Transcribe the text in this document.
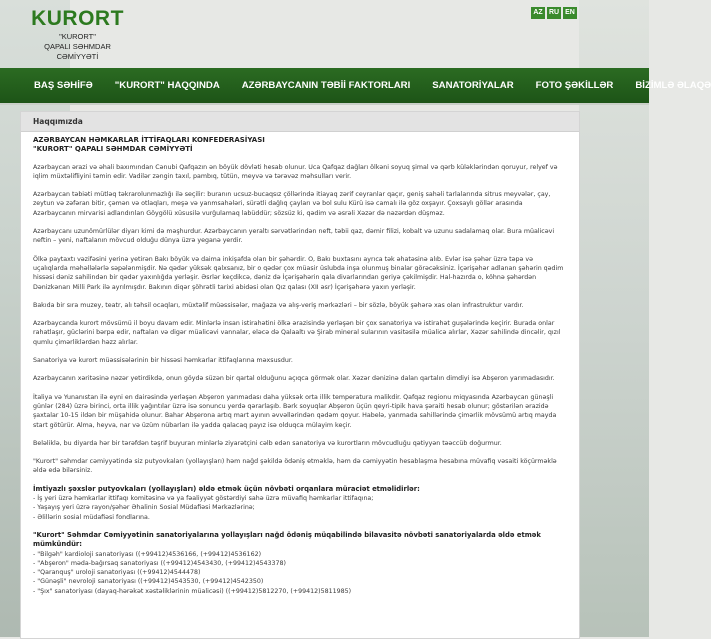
KURORT
"KURORT"
QAPALI SƏHMDAR CƏMİYYƏTİ
AZ RU EN
BAŞ SƏHİFƏ "KURORT" HAQQINDA AZƏRBAYCANIN TƏBİİ FAKTORLARI SANATORİYALAR FOTO ŞƏKİLLƏR BİZİMLƏ ƏLAQƏ
Haqqımızda
AZƏRBAYCAN HƏMKARLAR İTTİFAQLARI KONFEDERASİYASI
"KURORT" QAPALI SƏHMDAR CƏMİYYƏTİ

Azərbaycan ərazi və əhali baxımından Cənubi Qafqazın ən böyük dövləti hesab olunur. Uca Qafqaz dağları ölkəni soyuq şimal və qərb küləklərindən qoruyur, relyef və iqlim müxtəlifliyini təmin edir. Vadilər zəngin taxıl, pambıq, tütün, meyvə və tərəvəz məhsulları verir.

Azərbaycan təbiəti mütləq təkrarolunmazlığı ilə seçilir: buranın ucsuz-bucaqsız çöllərində itiayaq zərif ceyranlar qaçır, geniş sahəli tarlalarında sitrus meyvələr, çay, zeytun və zəfəran bitir, çəmən və otlaqları, meşə və yanmsahələri, sürətli dağlıq çayları və bol sulu Kürü isə camalı ilə göz oxşayır. Çoxsaylı göllər arasında Azərbaycanın mirvarisi adlandırılan Göygölü xüsusilə vurğulamaq labüddür; sözsüz ki, qədim və əsrəli Xəzər də nəzərdən düşməz.

Azərbaycanı uzunömürlülər diyarı kimi də məşhurdur. Azərbaycanın yeraltı sərvətlərindən neft, təbii qaz, dəmir filizi, kobalt və uzunu sadalamaq olar. Bura müalicəvi neftin – yeni, naftalanın mövcud olduğu dünya üzrə yeganə yerdir.

Ölkə paytaxtı vəzifəsini yerinə yetirən Bakı böyük və daima inkişafda olan bir şəhərdir. O, Bakı buxtasını ayrıca tək əhatəsinə alıb. Evlər isə şəhər üzrə təpə və uçalıqlarda məhəllələrlə səpələnmişdir. Nə qədər yüksək qalxsanız, bir o qədər çox müasir üslubda inşa olunmuş binalar görəcəksiniz. İçərişəhər adlanan şəhərin qədim hissəsi dəniz sahilindən bir qədər yaxınlığda yerləşir. Əsrlər keçdikcə, dəniz də İçərişəhərin qala divarlarından geriyə çəkilmişdir. Hal-hazırda o, köhnə şəhərdən Dənizkənarı Milli Park ilə ayrılmışdır. Bakının diqər şöhrətli tarixi abidəsi olan Qız qalası (XII əsr) İçərişəhərə yaxın yerləşir.

Bakıda bir sıra muzey, teatr, alı təhsil ocaqları, müxtəlif müəssisələr, mağaza və alış-veriş mərkəzləri – bir sözlə, böyük şəhərə xas olan infrastruktur vardır.

Azərbaycanda kurort mövsümü il boyu davam edir. Minlərlə insan istirahətini ölkə ərazisində yerləşən bir çox sanatoriya və istirahət guşələrində keçirir. Burada onlar rahatlaşır, güclərini bərpa edir, naftalan və digər müalicəvi vannalar, eləcə də Qalaaltı və Şirab mineral sularının vasitəsilə müalicə alırlar, Xəzər sahilində dincəlir, qızıl qumlu çimərliklərdən həzz alırlar.

Sanatoriya və kurort müəssisələrinin bir hissəsi həmkarlar ittifaqlarına məxsusdur.

Azərbaycanın xəritəsinə nəzər yetirdikdə, onun göydə süzən bir qartal olduğunu açıqca görmək olar. Xəzər dənizinə dalan qartalın dimdiyi isə Abşeron yarımadasıdır.

İtaliya və Yunanıstan ilə eyni en dairəsində yerləşən Abşeron yarımadası daha yüksək orta illik temperatura malikdir. Qafqaz regionu miqyasında Azərbaycan günəşli günlər (284) üzrə birinci, orta illik yağıntılar üzrə isə sonuncu yerdə qərarlaşıb. Bərk soyuqlar Abşeron üçün qeyri-tipik hava şəraiti hesab olunur; göstərilən ərazidə şaxtalar 10-15 ildən bir müşahidə olunur. Bahar Abşerona artıq mart ayının əvvəllərindən qədəm qoyur. Habelə, yanmada sahillərində çimərlik mövsümü artıq mayda start götürür. Alma, heyva, nar və üzüm nübarları ilə yadda qalacaq payız isə olduqca mülayim keçir.

Beləliklə, bu diyarda hər bir tərəfdən təşrif buyuran minlərlə ziyarətçini cəlb edən sanatoriya və kurortların mövcudluğu qətiyyən təəccüb doğurmur.

"Kurort" səhmdar cəmiyyətində siz putyovkaları (yollayışları) həm nağd şəkildə ödəniş etməklə, həm də cəmiyyətin hesablaşma hesabına müvafiq vəsaiti köçürməklə əldə edə bilərsiniz.

İmtiyazlı şəxslər putyovkaları (yollayışları) əldə etmək üçün növbəti orqanlara müraciət etməlidirlər:
- İş yeri üzrə həmkarlar ittifaqı komitəsinə və ya fəaliyyət göstərdiyi sahə üzrə müvafiq həmkarlar ittifaqına;
- Yaşayış yeri üzrə rayon/şəhər Əhalinin Sosial Müdafiəsi Mərkəzlərinə;
- Əlillərin sosial müdafiəsi fondlarına.
"Kurort" Səhmdar Cəmiyyətinin sanatoriyalarına yollayışları nağd ödəniş müqabilində bilavasitə növbəti sanatoriyalarda əldə etmək mümkündür:
- "Bilgəh" kardioloji sanatoriyası ((+99412)4536166, (+99412)4536162)
- "Abşeron" məda-bağırsaq sanatoriyası ((+99412)4543430, (+99412)4543378)
- "Qaranquş" uroloji sanatoriyası ((+99412)4544478)
- "Günəşli" nevroloji sanatoriyası ((+99412)4543530, (+99412)4542350)
- "Şıx" sanatoriyası (dayaq-hərəkət xəstəliklərinin müalicəsi) ((+99412)5812270, (+99412)5811985)
